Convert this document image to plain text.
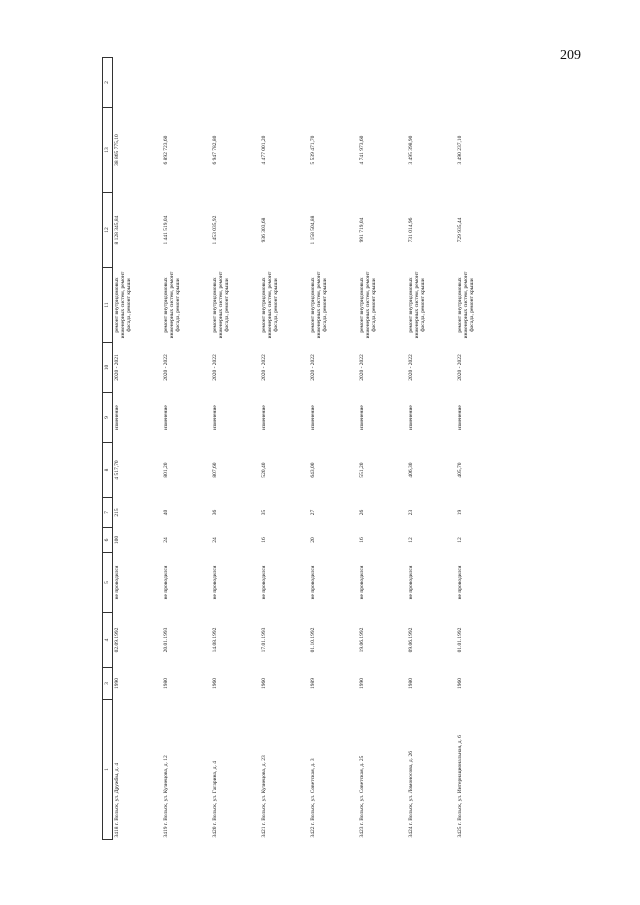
209
1	3	4	5	6	7	8	9	10	11	12	13	2
3418 г. Вольск, ул. Дружбы, д. 4	1990	02.09.1992	не проводился	100	215	4 517,70	изменение	2020 - 2021	ремонт внутридомовых инженерных систем, ремонт фасада, ремонт крыши	8 128 345,84	38 865 775,10	
3419 г. Вольск, ул. Кузнецова, д. 12	1980	20.01.1993	не проводился	24	40	801,20	изменение	2020 - 2022	ремонт внутридомовых инженерных систем, ремонт фасада, ремонт крыши	1 441 519,04	6 892 723,60	
3420 г. Вольск, ул. Гагарина, д. 4	1960	14.08.1992	не проводился	24	36	807,60	изменение	2020 - 2022	ремонт внутридомовых инженерных систем, ремонт фасада, ремонт крыши	1 453 035,92	6 947 782,80	
3421 г. Вольск, ул. Кузнецова, д. 23	1960	17.01.1993	не проводился	16	35	520,40	изменение	2020 - 2022	ремонт внутридомовых инженерных систем, ремонт фасада, ремонт крыши	936 303,68	4 477 001,20	
3422 г. Вольск, ул. Советская, д. 3	1989	01.10.1992	не проводился	20	27	643,00	изменение	2020 - 2022	ремонт внутридомовых инженерных систем, ремонт фасада, ремонт крыши	1 158 504,88	5 539 471,70	
3423 г. Вольск, ул. Советская, д. 25	1990	19.06.1992	не проводился	16	26	551,20	изменение	2020 - 2022	ремонт внутридомовых инженерных систем, ремонт фасада, ремонт крыши	991 719,04	4 741 973,60	
3424 г. Вольск, ул. Ломоносова, д. 26	1980	09.06.1992	не проводился	12	23	406,30	изменение	2020 - 2022	ремонт внутридомовых инженерных систем, ремонт фасада, ремонт крыши	731 014,96	3 495 398,90	
3425 г. Вольск, ул. Интернациональная, д. 6	1960	01.01.1992	не проводился	12	19	405,70	изменение	2020 - 2022	ремонт внутридомовых инженерных систем, ремонт фасада, ремонт крыши	729 935,44	3 490 237,10	
